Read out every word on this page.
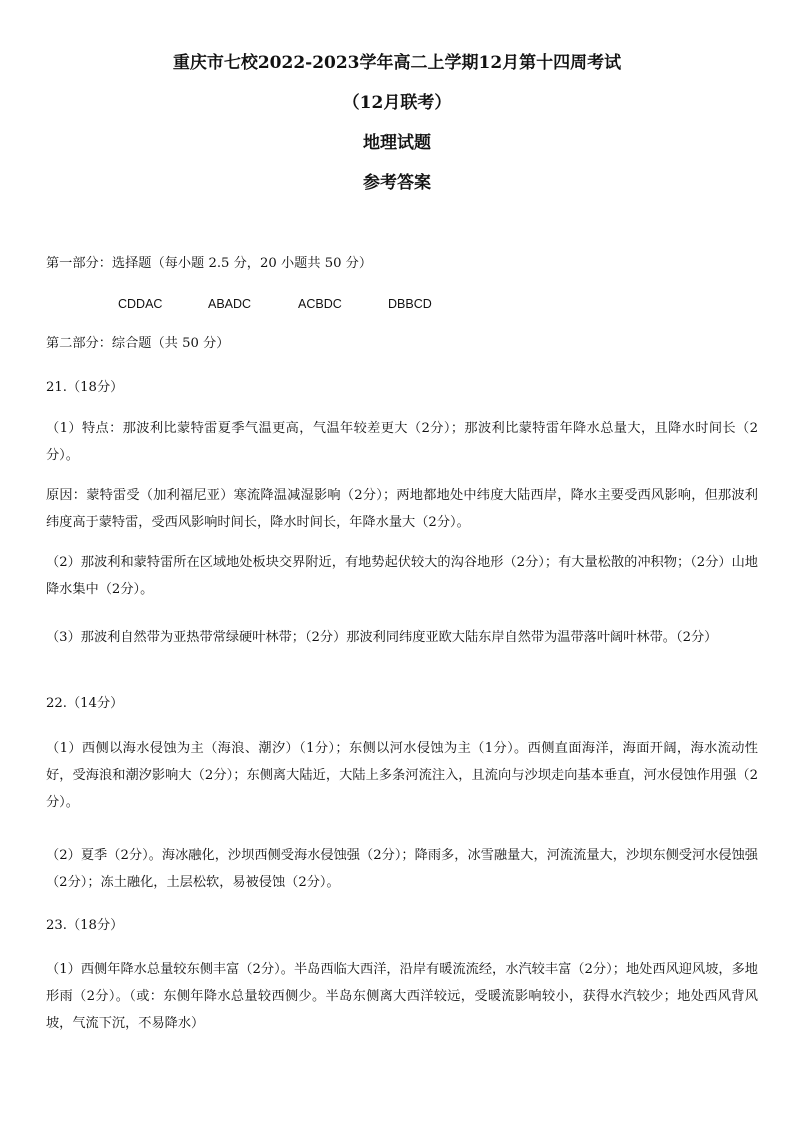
重庆市七校2022-2023学年高二上学期12月第十四周考试
（12月联考）
地理试题
参考答案
第一部分：选择题（每小题 2.5 分，20 小题共 50 分）
CDDAC	ABADC	ACBDC	DBBCD
第二部分：综合题（共 50 分）
21.（18分）
（1）特点：那波利比蒙特雷夏季气温更高，气温年较差更大（2分）；那波利比蒙特雷年降水总量大，且降水时间长（2分）。
原因：蒙特雷受（加利福尼亚）寒流降温减湿影响（2分）；两地都地处中纬度大陆西岸，降水主要受西风影响，但那波利纬度高于蒙特雷，受西风影响时间长，降水时间长，年降水量大（2分）。
（2）那波利和蒙特雷所在区域地处板块交界附近，有地势起伏较大的沟谷地形（2分）；有大量松散的冲积物；（2分）山地降水集中（2分）。
（3）那波利自然带为亚热带常绿硬叶林带；（2分）那波利同纬度亚欧大陆东岸自然带为温带落叶阔叶林带。（2分）
22.（14分）
（1）西侧以海水侵蚀为主（海浪、潮汐）（1分）；东侧以河水侵蚀为主（1分）。西侧直面海洋，海面开阔，海水流动性好，受海浪和潮汐影响大（2分）；东侧离大陆近，大陆上多条河流注入，且流向与沙坝走向基本垂直，河水侵蚀作用强（2分）。
（2）夏季（2分）。海冰融化，沙坝西侧受海水侵蚀强（2分）；降雨多，冰雪融量大，河流流量大，沙坝东侧受河水侵蚀强（2分）；冻土融化，土层松软，易被侵蚀（2分）。
23.（18分）
（1）西侧年降水总量较东侧丰富（2分）。半岛西临大西洋，沿岸有暖流流经，水汽较丰富（2分）；地处西风迎风坡，多地形雨（2分）。（或：东侧年降水总量较西侧少。半岛东侧离大西洋较远，受暖流影响较小，获得水汽较少；地处西风背风坡，气流下沉，不易降水）
